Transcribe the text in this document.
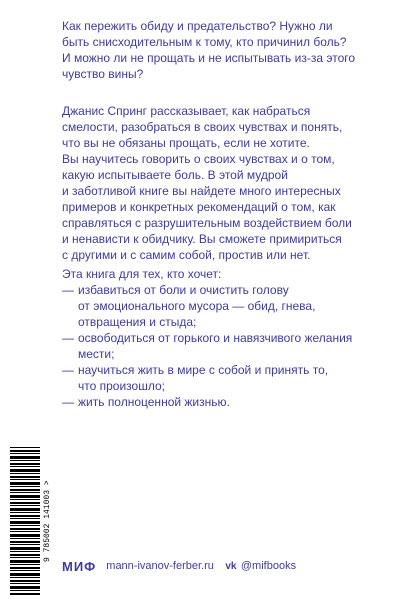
Как пережить обиду и предательство? Нужно ли

быть снисходительным к тому, кто причинил боль?

И можно ли не прощать и не испытывать из-за этого

чувство вины?

Джанис Спринг рассказывает, как набраться

смелости, разобраться в своих чувствах и понять,

что вы не обязаны прощать, если не хотите.

Вы научитесь говорить о своих чувствах и о том,

какую испытываете боль. В этой мудрой

и заботливой книге вы найдете много интересных

примеров и конкретных рекомендаций о том, как

справляться с разрушительным воздействием боли

и ненависти к обидчику. Вы сможете примириться

с другими и с самим собой, простив или нет.

Эта книга для тех, кто хочет:

— избавиться от боли и очистить голову

от эмоционального мусора — обид, гнева,

отвращения и стыда;

— освободиться от горького и навязчивого желания

мести;

— научиться жить в мире с собой и принять то,

что произошло;

— жить полноценной жизнью.

9 785002 141003 >
МИФ mann-ivanov-ferber.ru vk @mifbooks
